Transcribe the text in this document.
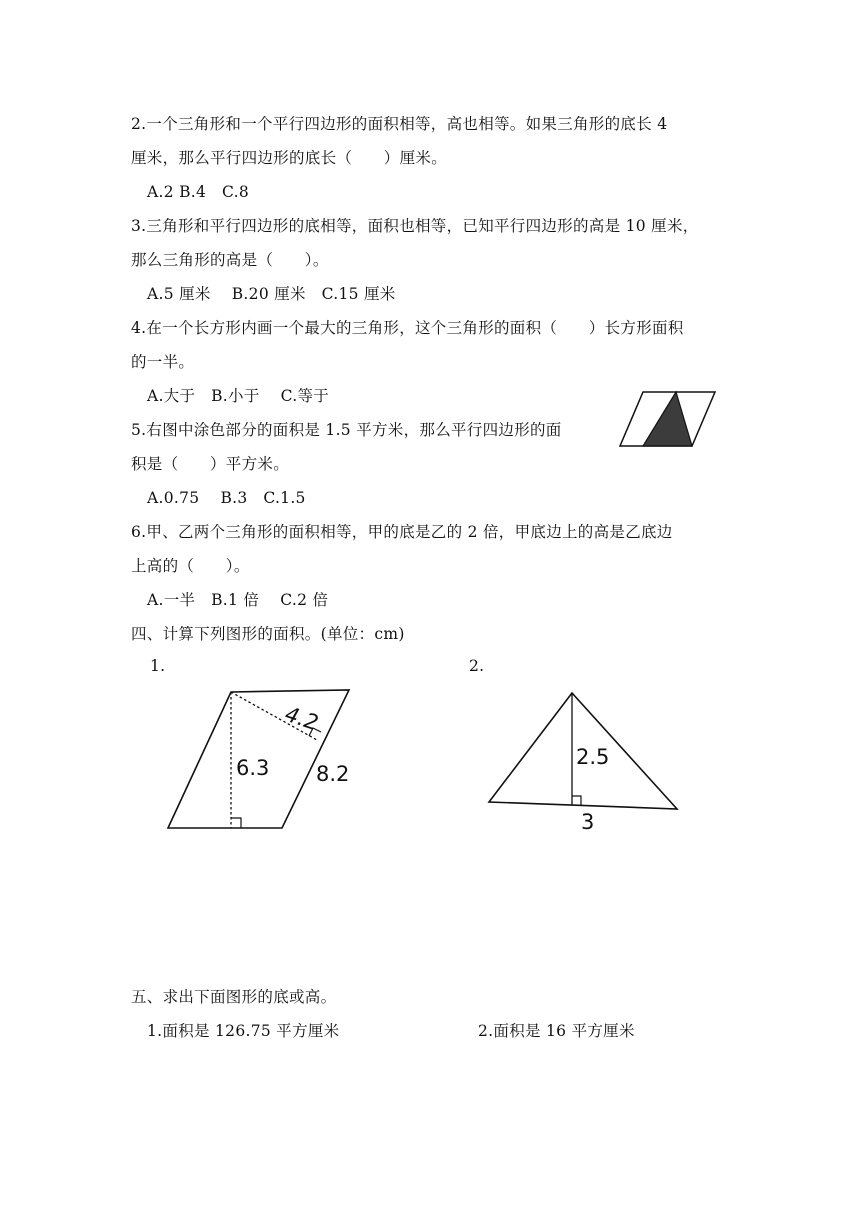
2.一个三角形和一个平行四边形的面积相等，高也相等。如果三角形的底长 4
厘米，那么平行四边形的底长（　　）厘米。
A.2 B.4　C.8
3.三角形和平行四边形的底相等，面积也相等，已知平行四边形的高是 10 厘米，
那么三角形的高是（　　）。
A.5 厘米　 B.20 厘米　C.15 厘米
4.在一个长方形内画一个最大的三角形，这个三角形的面积（　　）长方形面积
的一半。
A.大于　B.小于　 C.等于
5.右图中涂色部分的面积是 1.5 平方米，那么平行四边形的面
积是（　　）平方米。
A.0.75　 B.3　C.1.5
6.甲、乙两个三角形的面积相等，甲的底是乙的 2 倍，甲底边上的高是乙底边
上高的（　　）。
A.一半　B.1 倍　 C.2 倍
四、计算下列图形的面积。(单位：cm)
1.	2.
6.3 8.2
4.2
2.5
3
五、求出下面图形的底或高。
1.面积是 126.75 平方厘米	2.面积是 16 平方厘米
